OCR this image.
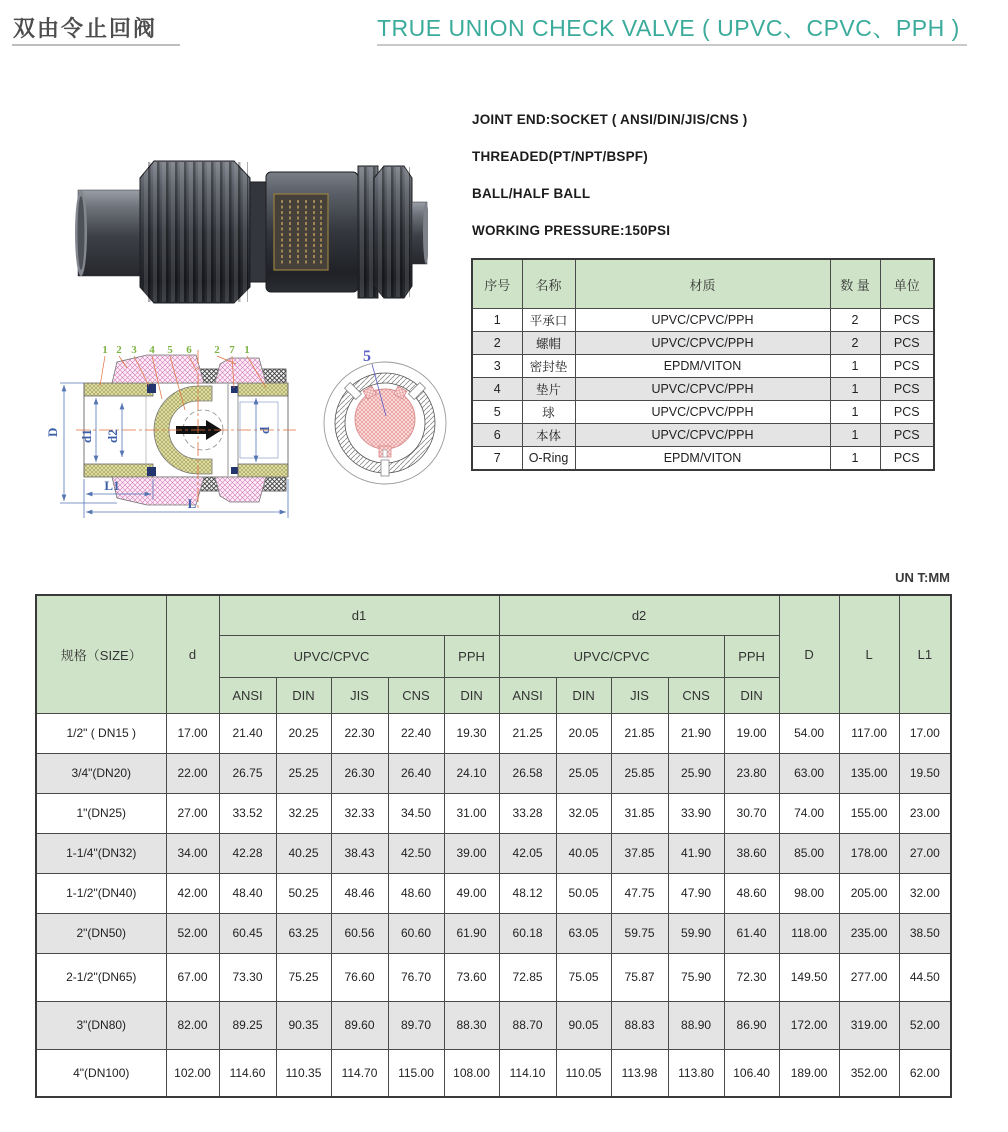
双由令止回阀	TRUE UNION CHECK VALVE ( UPVC、CPVC、PPH )
JOINT END:SOCKET ( ANSI/DIN/JIS/CNS )
THREADED(PT/NPT/BSPF)
BALL/HALF BALL
WORKING PRESSURE:150PSI
序号	名称	材质	数 量	单位
1	平承口	UPVC/CPVC/PPH	2	PCS
2	螺帽	UPVC/CPVC/PPH	2	PCS
3	密封垫	EPDM/VITON	1	PCS
4	垫片	UPVC/CPVC/PPH	1	PCS
5	球	UPVC/CPVC/PPH	1	PCS
6	本体	UPVC/CPVC/PPH	1	PCS
7	O-Ring	EPDM/VITON	1	PCS
D d1 d2	d
L1
L
1 2 3 4 5 6 2 7 1	5
UN T:MM
规格（SIZE）	d	d1					d2					D	L	L1
		UPVC/CPVC				PPH	UPVC/CPVC				PPH			
		ANSI	DIN	JIS	CNS	DIN	ANSI	DIN	JIS	CNS	DIN			
1/2" ( DN15 )	17.00	21.40	20.25	22.30	22.40	19.30	21.25	20.05	21.85	21.90	19.00	54.00	117.00	17.00
3/4"(DN20)	22.00	26.75	25.25	26.30	26.40	24.10	26.58	25.05	25.85	25.90	23.80	63.00	135.00	19.50
1"(DN25)	27.00	33.52	32.25	32.33	34.50	31.00	33.28	32.05	31.85	33.90	30.70	74.00	155.00	23.00
1-1/4"(DN32)	34.00	42.28	40.25	38.43	42.50	39.00	42.05	40.05	37.85	41.90	38.60	85.00	178.00	27.00
1-1/2"(DN40)	42.00	48.40	50.25	48.46	48.60	49.00	48.12	50.05	47.75	47.90	48.60	98.00	205.00	32.00
2"(DN50)	52.00	60.45	63.25	60.56	60.60	61.90	60.18	63.05	59.75	59.90	61.40	118.00	235.00	38.50
2-1/2"(DN65)	67.00	73.30	75.25	76.60	76.70	73.60	72.85	75.05	75.87	75.90	72.30	149.50	277.00	44.50
3"(DN80)	82.00	89.25	90.35	89.60	89.70	88.30	88.70	90.05	88.83	88.90	86.90	172.00	319.00	52.00
4"(DN100)	102.00	114.60	110.35	114.70	115.00	108.00	114.10	110.05	113.98	113.80	106.40	189.00	352.00	62.00
